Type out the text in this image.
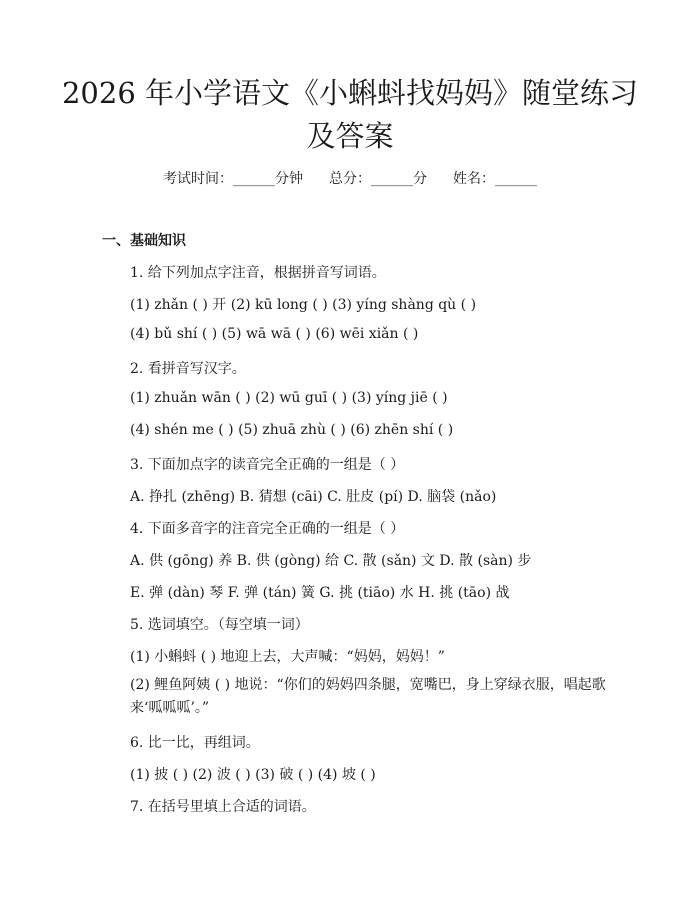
2026 年小学语文《小蝌蚪找妈妈》随堂练习
及答案
考试时间：______分钟 总分：______分 姓名：______
一、基础知识
1. 给下列加点字注音，根据拼音写词语。
(1) zhǎn ( ) 开 (2) kū long ( ) (3) yíng shàng qù ( )
(4) bǔ shí ( ) (5) wā wā ( ) (6) wēi xiǎn ( )
2. 看拼音写汉字。
(1) zhuǎn wān ( ) (2) wū guī ( ) (3) yíng jiē ( )
(4) shén me ( ) (5) zhuā zhù ( ) (6) zhēn shí ( )
3. 下面加点字的读音完全正确的一组是（ ）
A. 挣扎 (zhēng) B. 猜想 (cāi) C. 肚皮 (pí) D. 脑袋 (nǎo)
4. 下面多音字的注音完全正确的一组是（ ）
A. 供 (gōng) 养 B. 供 (gòng) 给 C. 散 (sǎn) 文 D. 散 (sàn) 步
E. 弹 (dàn) 琴 F. 弹 (tán) 簧 G. 挑 (tiāo) 水 H. 挑 (tāo) 战
5. 选词填空。（每空填一词）
(1) 小蝌蚪 ( ) 地迎上去，大声喊：“妈妈，妈妈！”
(2) 鲤鱼阿姨 ( ) 地说：“你们的妈妈四条腿，宽嘴巴，身上穿绿衣服，唱起歌来‘呱呱呱’。”
6. 比一比，再组词。
(1) 披 ( ) (2) 波 ( ) (3) 破 ( ) (4) 坡 ( )
7. 在括号里填上合适的词语。
